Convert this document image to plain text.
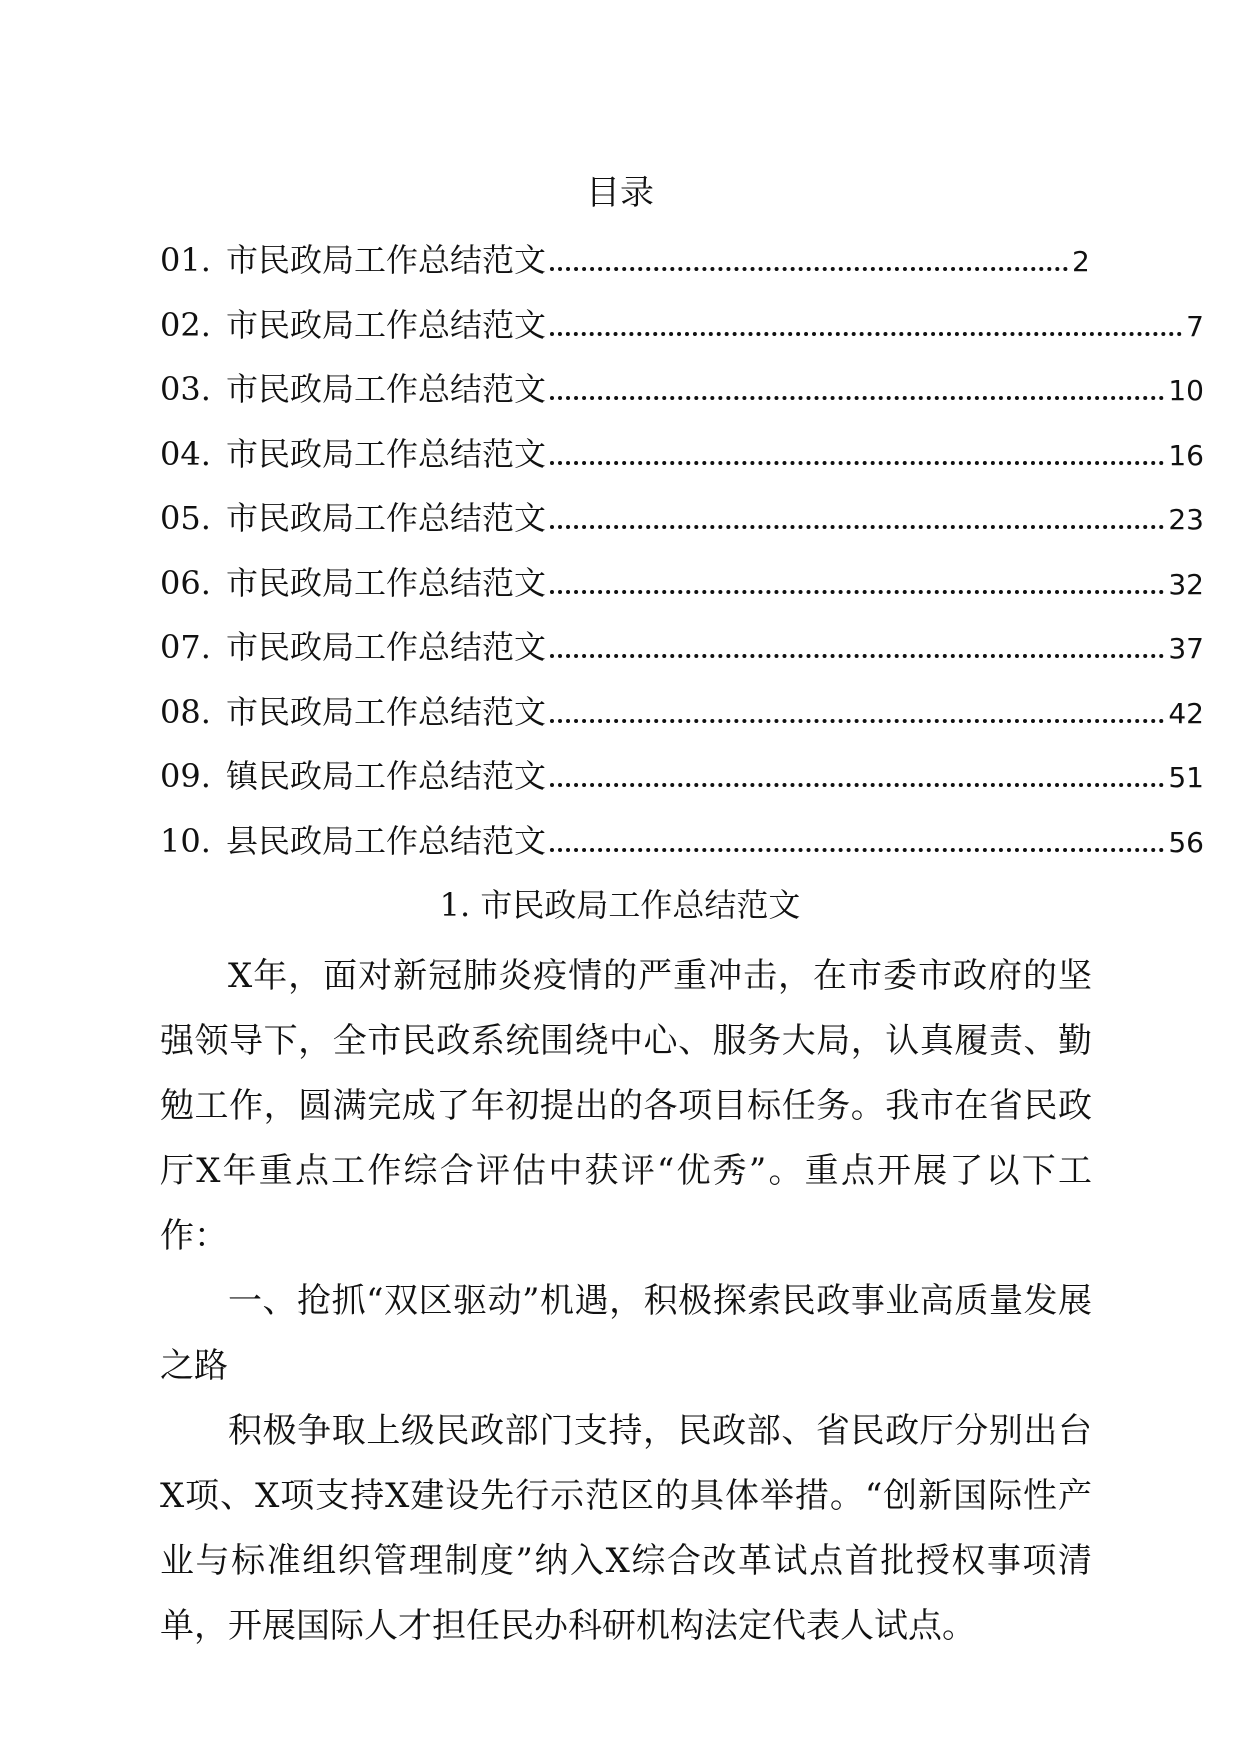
目录
01. 市民政局工作总结范文	2
02. 市民政局工作总结范文	7
03. 市民政局工作总结范文	10
04. 市民政局工作总结范文	16
05. 市民政局工作总结范文	23
06. 市民政局工作总结范文	32
07. 市民政局工作总结范文	37
08. 市民政局工作总结范文	42
09. 镇民政局工作总结范文	51
10. 县民政局工作总结范文	56
1. 市民政局工作总结范文

X年，面对新冠肺炎疫情的严重冲击，在市委市政府的坚强领导下，全市民政系统围绕中心、服务大局，认真履责、勤勉工作，圆满完成了年初提出的各项目标任务。我市在省民政厅X年重点工作综合评估中获评“优秀”。重点开展了以下工作：

一、抢抓“双区驱动”机遇，积极探索民政事业高质量发展之路

积极争取上级民政部门支持，民政部、省民政厅分别出台X项、X项支持X建设先行示范区的具体举措。“创新国际性产业与标准组织管理制度”纳入X综合改革试点首批授权事项清单，开展国际人才担任民办科研机构法定代表人试点。
